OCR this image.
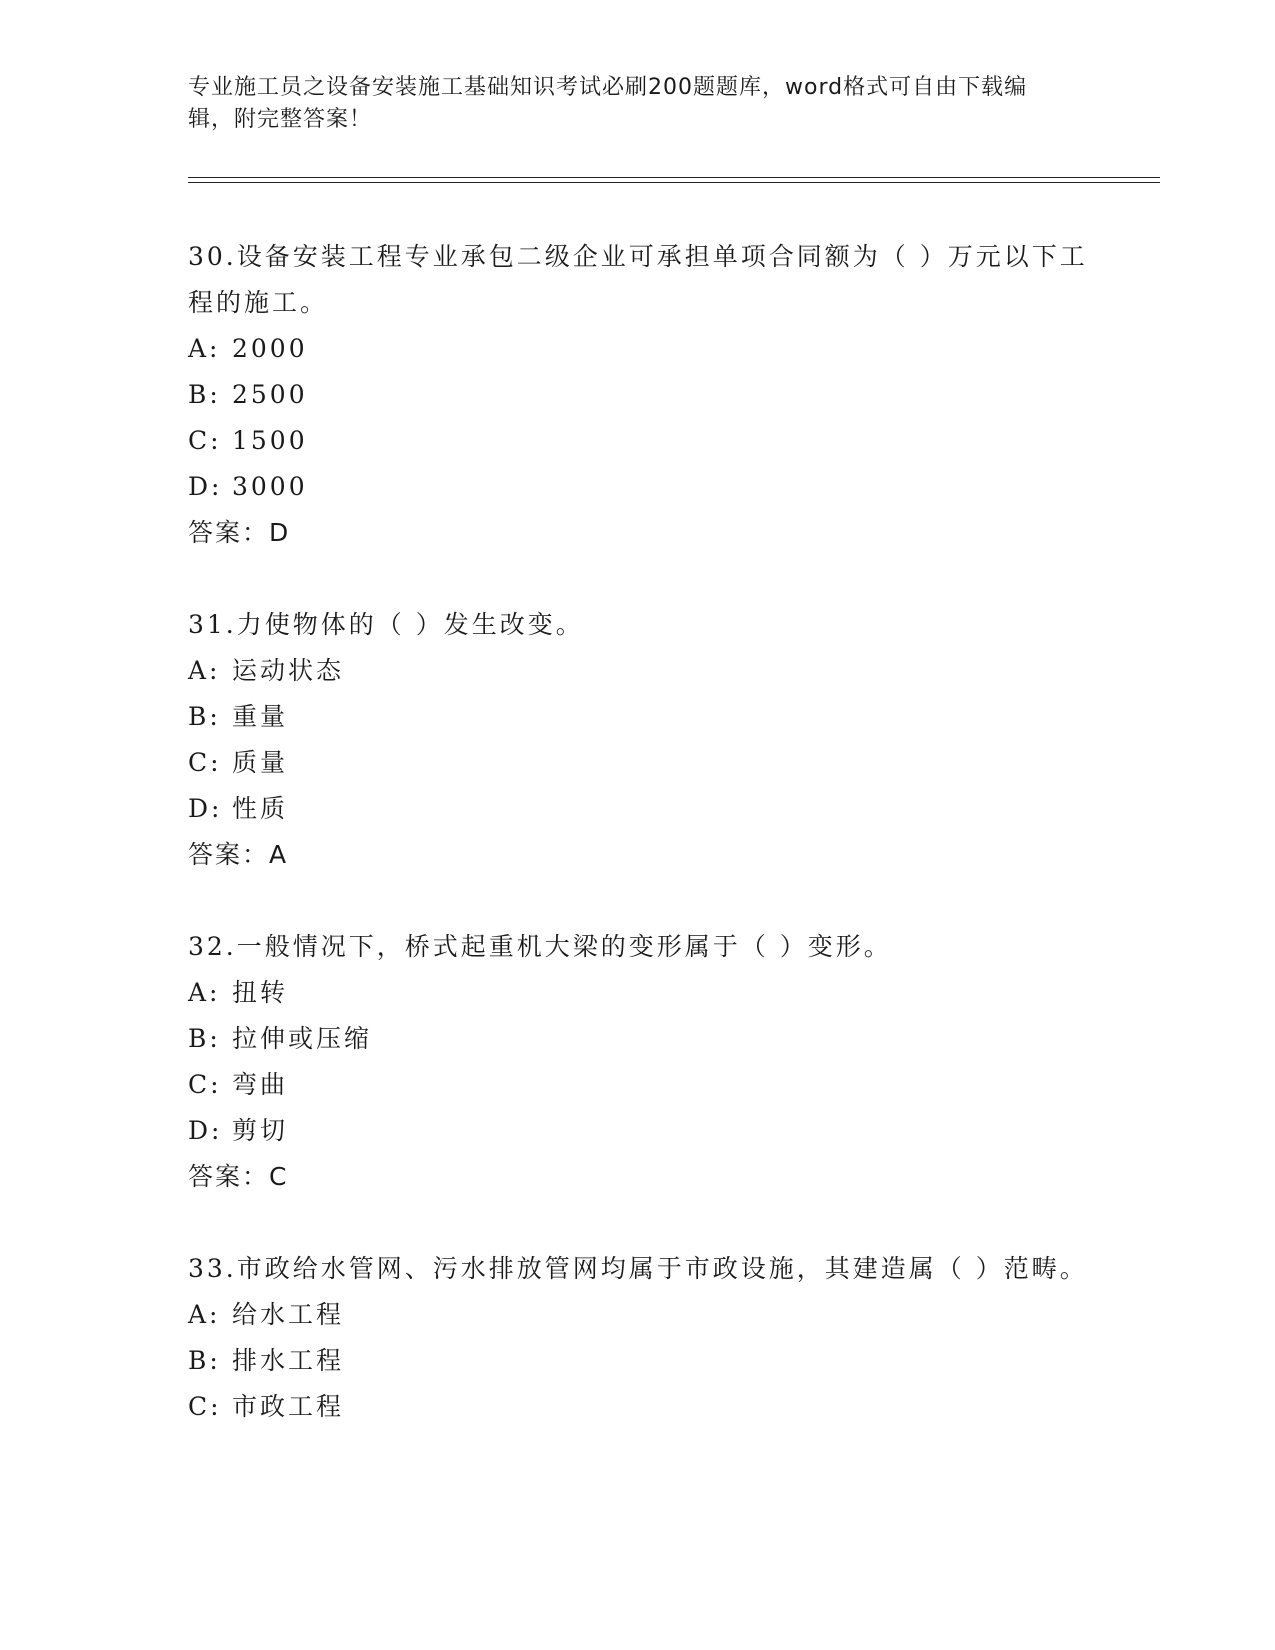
专业施工员之设备安装施工基础知识考试必刷200题题库，word格式可自由下载编辑，附完整答案！

30.设备安装工程专业承包二级企业可承担单项合同额为（ ）万元以下工程的施工。

A: 2000

B: 2500

C: 1500

D: 3000

答案：D

31.力使物体的（ ）发生改变。

A: 运动状态

B: 重量

C: 质量

D: 性质

答案：A

32.一般情况下，桥式起重机大梁的变形属于（ ）变形。

A: 扭转

B: 拉伸或压缩

C: 弯曲

D: 剪切

答案：C

33.市政给水管网、污水排放管网均属于市政设施，其建造属（ ）范畴。

A: 给水工程

B: 排水工程

C: 市政工程
